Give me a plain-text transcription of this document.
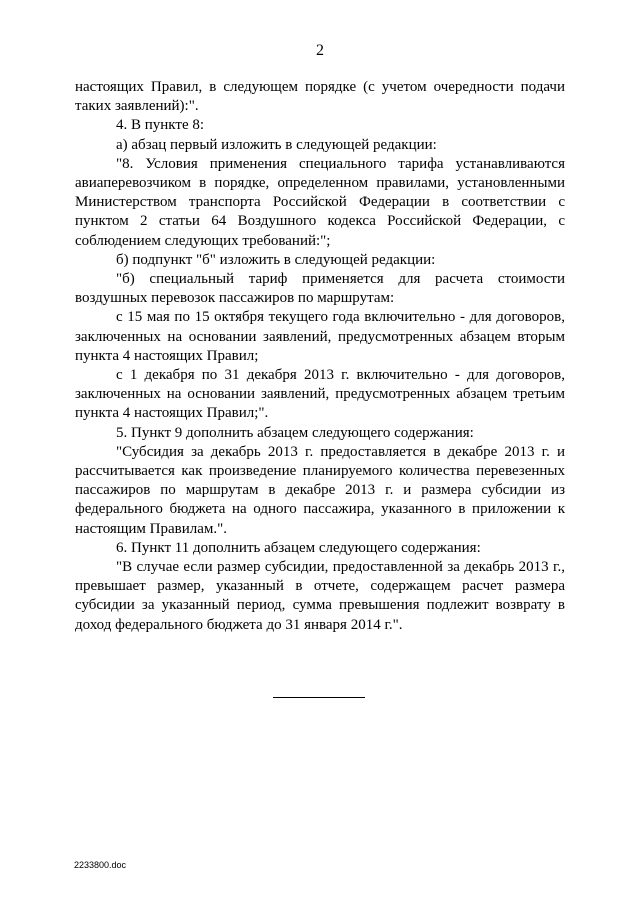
2

настоящих Правил, в следующем порядке (с учетом очередности подачи таких заявлений):".

4. В пункте 8:

а) абзац первый изложить в следующей редакции:

"8. Условия применения специального тарифа устанавливаются авиаперевозчиком в порядке, определенном правилами, установленными Министерством транспорта Российской Федерации в соответствии с пунктом 2 статьи 64 Воздушного кодекса Российской Федерации, с соблюдением следующих требований:";

б) подпункт "б" изложить в следующей редакции:

"б) специальный тариф применяется для расчета стоимости воздушных перевозок пассажиров по маршрутам:

с 15 мая по 15 октября текущего года включительно - для договоров, заключенных на основании заявлений, предусмотренных абзацем вторым пункта 4 настоящих Правил;

с 1 декабря по 31 декабря 2013 г. включительно - для договоров, заключенных на основании заявлений, предусмотренных абзацем третьим пункта 4 настоящих Правил;".

5. Пункт 9 дополнить абзацем следующего содержания:

"Субсидия за декабрь 2013 г. предоставляется в декабре 2013 г. и рассчитывается как произведение планируемого количества перевезенных пассажиров по маршрутам в декабре 2013 г. и размера субсидии из федерального бюджета на одного пассажира, указанного в приложении к настоящим Правилам.".

6. Пункт 11 дополнить абзацем следующего содержания:

"В случае если размер субсидии, предоставленной за декабрь 2013 г., превышает размер, указанный в отчете, содержащем расчет размера субсидии за указанный период, сумма превышения подлежит возврату в доход федерального бюджета до 31 января 2014 г.".

2233800.doc
